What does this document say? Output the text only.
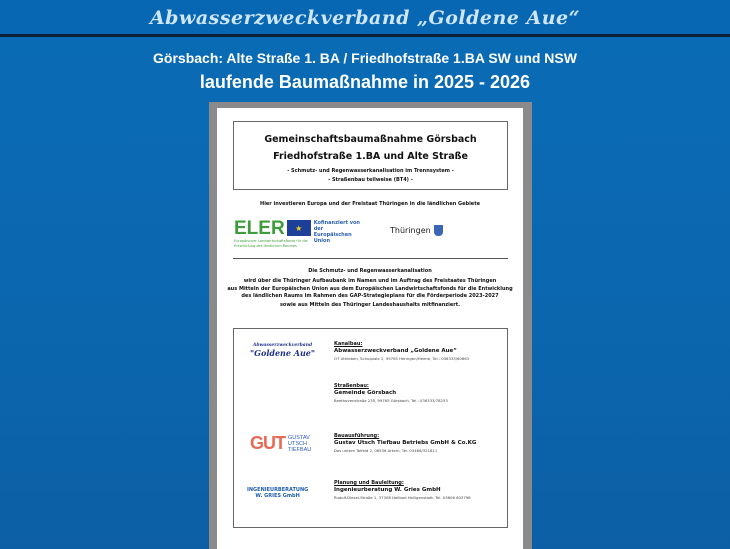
Abwasserzweckverband „Goldene Aue“
Görsbach: Alte Straße 1. BA / Friedhofstraße 1.BA SW und NSW
laufende Baumaßnahme in 2025 - 2026
Gemeinschaftsbaumaßnahme Görsbach
Friedhofstraße 1.BA und Alte Straße
- Schmutz- und Regenwasserkanalisation im Trennsystem -
- Straßenbau teilweise (BT4) -
Hier investieren Europa und der Freistaat Thüringen in die ländlichen Gebiete
ELER	★
Kofinanziert von der Europäischen Union
Europäischer Landwirtschaftsfonds für die Entwicklung des ländlichen Raumes
Thüringen

Die Schmutz- und Regenwasserkanalisation
wird über die Thüringer Aufbaubank im Namen und im Auftrag des Freistaates Thüringen
aus Mitteln der Europäischen Union aus dem Europäischen Landwirtschaftsfonds für die Entwicklung
des ländlichen Raums im Rahmen des GAP-Strategieplans für die Förderperiode 2023-2027
sowie aus Mitteln des Thüringer Landeshaushalts mitfinanziert.
Abwasserzweckverband
"Goldene Aue"
Kanalbau:
Abwasserzweckverband „Goldene Aue“
OT Uthleben, Schulplatz 2, 99765 Heringen/Helme, Tel.: 036333/60663
Straßenbau:
Gemeinde Görsbach
Beethovenstraße 235, 99765 Görsbach, Tel.: 036333/78253
GUT GUSTAV
UTSCH
TIEFBAU
Bauausführung:
Gustav Utsch Tiefbau Betriebs GmbH & Co.KG
Das untere Talfeld 2, 06556 Artern, Tel. 03466/321811
INGENIEURBERATUNG
W. GRIES GmbH
Planung und Bauleitung:
Ingenieurberatung W. Gries GmbH
Rudolf-Diesel-Straße 1, 37308 Heilbad Heiligenstadt, Tel. 03606 603798
